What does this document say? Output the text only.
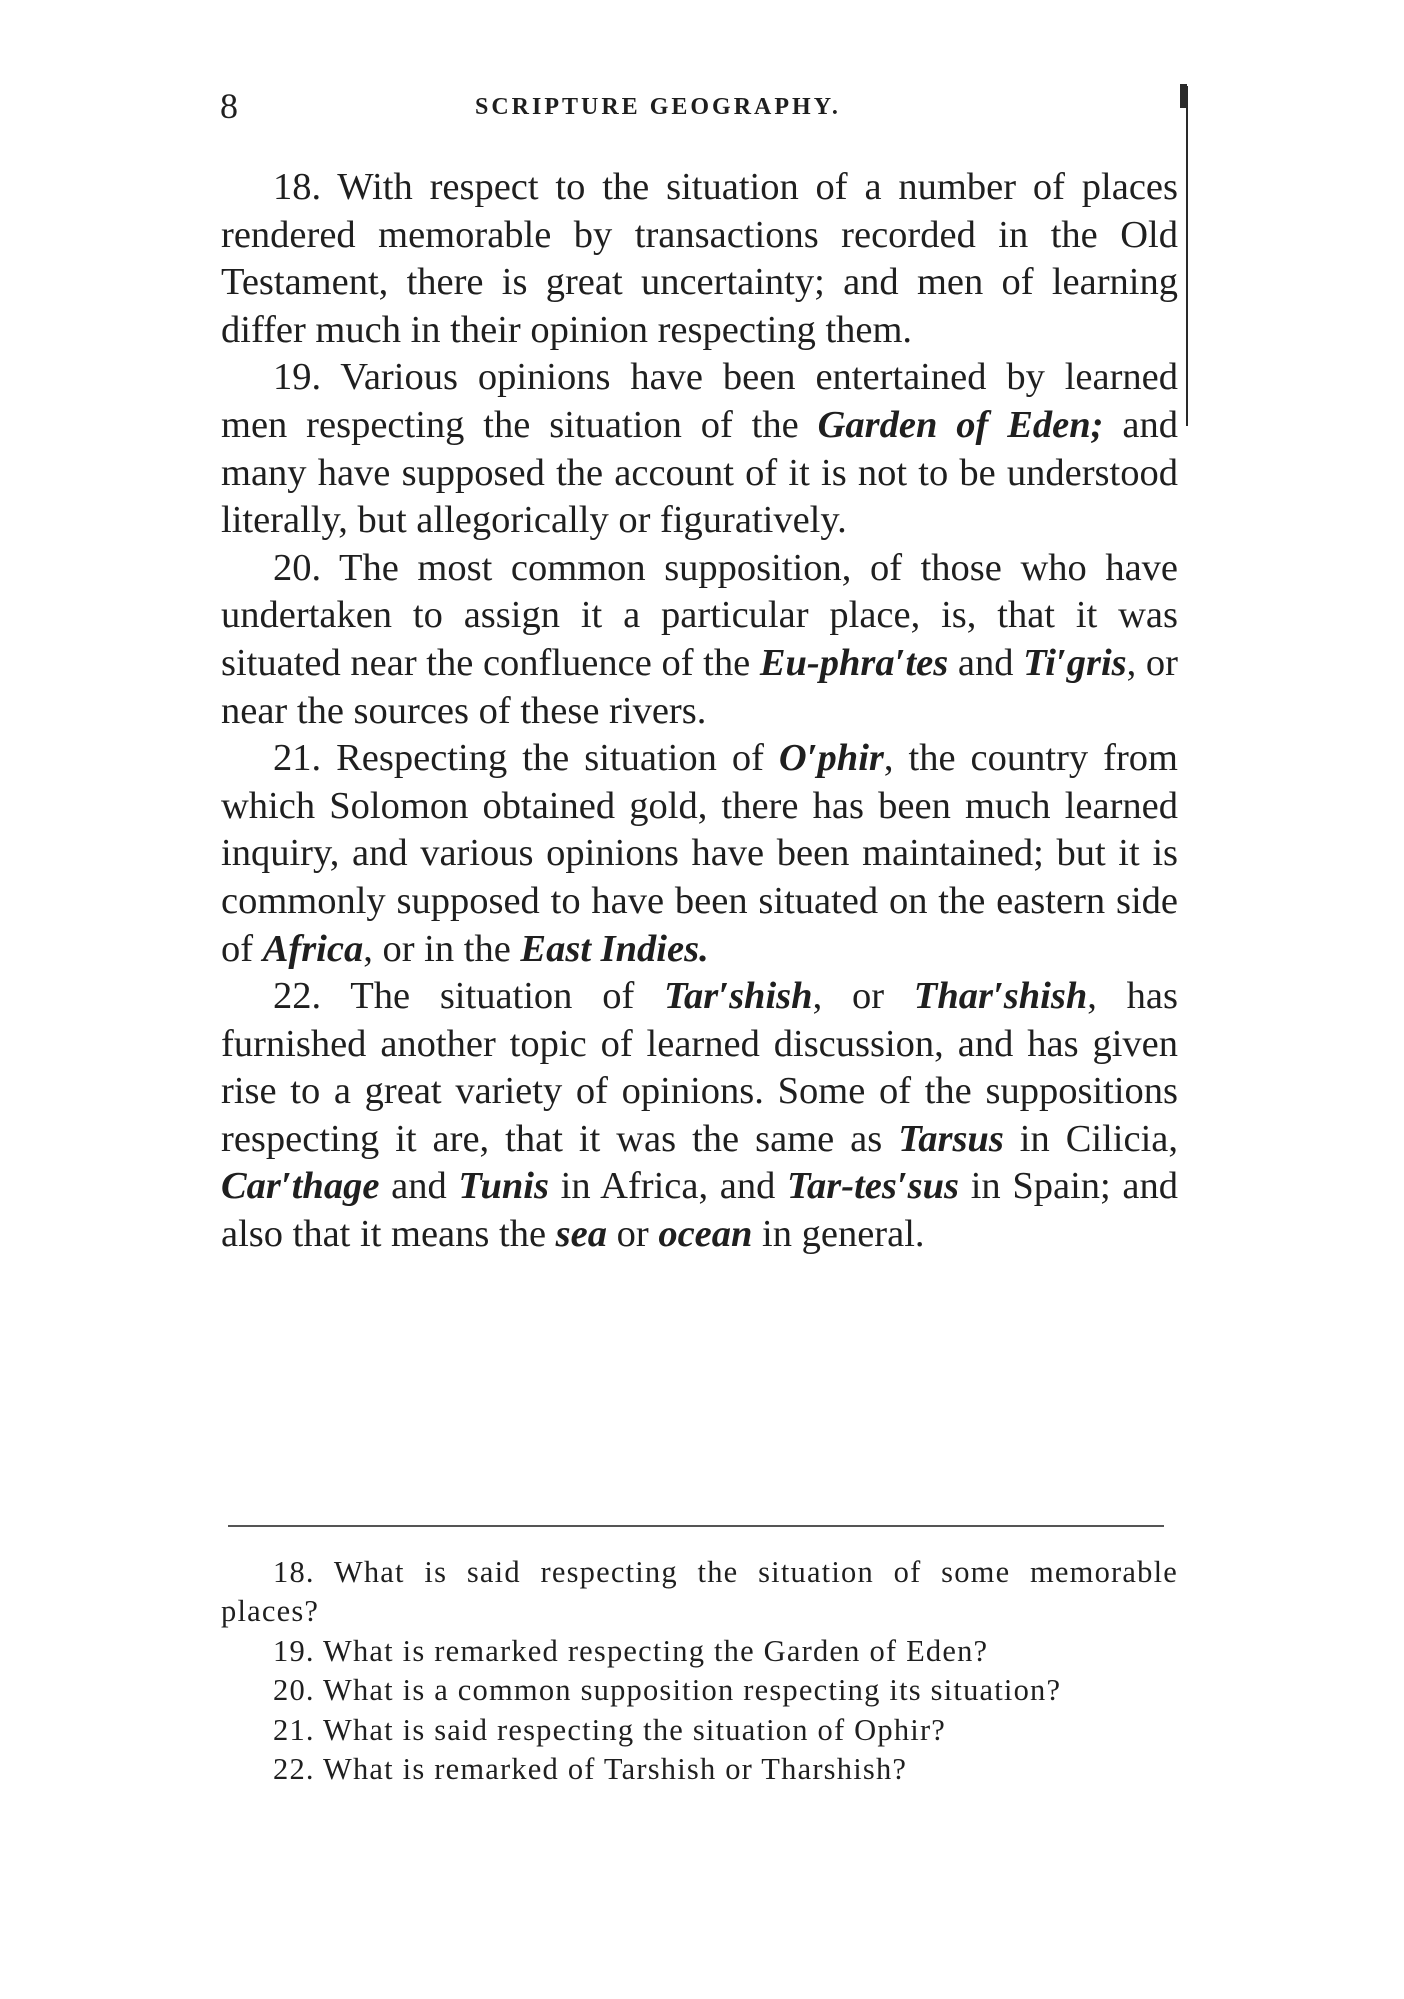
8	SCRIPTURE GEOGRAPHY.

18. With respect to the situation of a number of places rendered memorable by transactions recorded in the Old Testament, there is great uncertainty; and men of learning differ much in their opinion respecting them.

19. Various opinions have been entertained by learned men respecting the situation of the Garden of Eden; and many have supposed the account of it is not to be understood literally, but allegorically or figuratively.

20. The most common supposition, of those who have undertaken to assign it a particular place, is, that it was situated near the confluence of the Eu-phra′tes and Ti′gris, or near the sources of these rivers.

21. Respecting the situation of O′phir, the country from which Solomon obtained gold, there has been much learned inquiry, and various opinions have been maintained; but it is commonly supposed to have been situated on the eastern side of Africa, or in the East Indies.

22. The situation of Tar′shish, or Thar′shish, has furnished another topic of learned discussion, and has given rise to a great variety of opinions. Some of the suppositions respecting it are, that it was the same as Tarsus in Cilicia, Car′thage and Tunis in Africa, and Tar-tes′sus in Spain; and also that it means the sea or ocean in general.

18. What is said respecting the situation of some memorable places?

19. What is remarked respecting the Garden of Eden?

20. What is a common supposition respecting its situation?

21. What is said respecting the situation of Ophir?

22. What is remarked of Tarshish or Tharshish?
